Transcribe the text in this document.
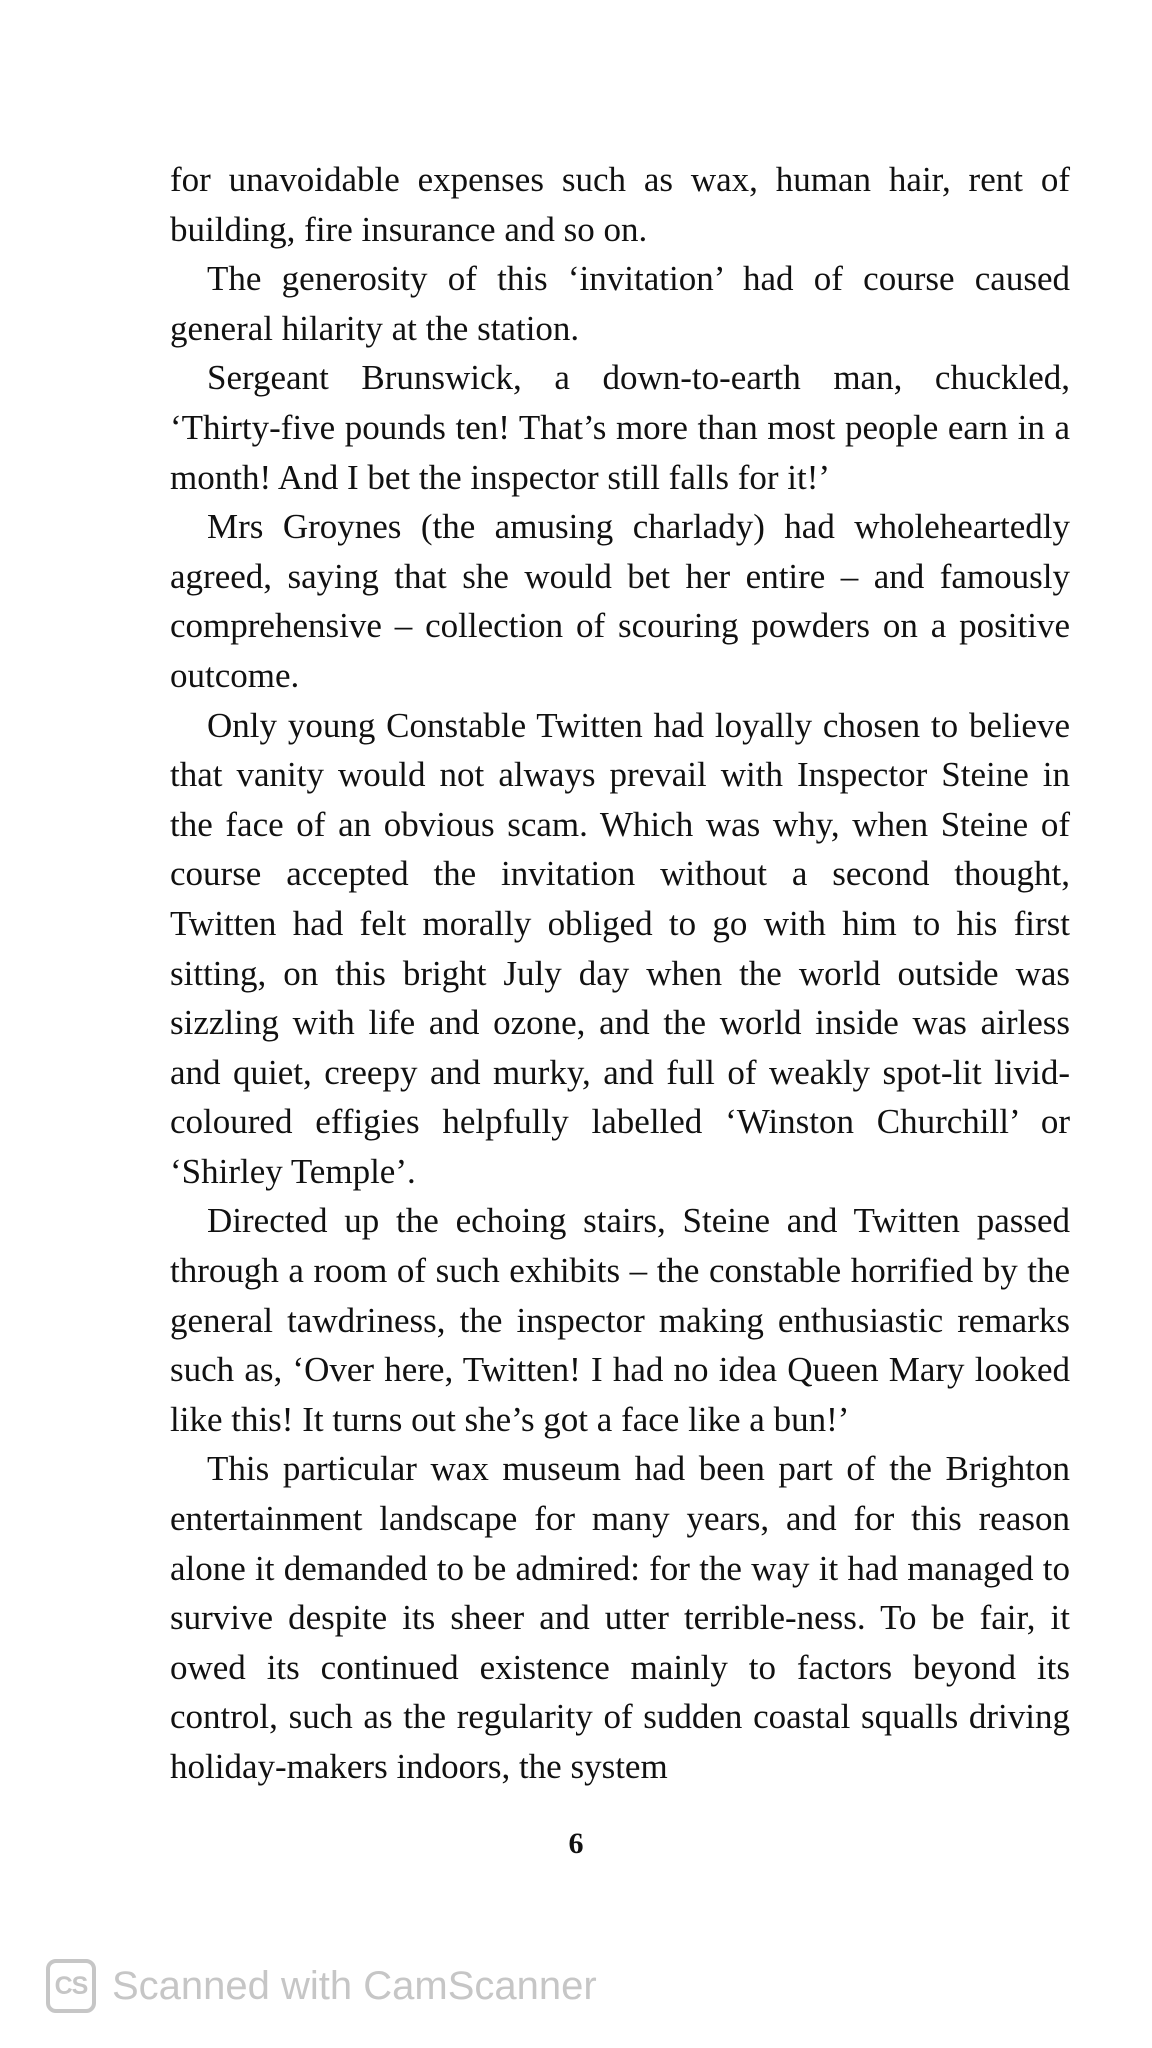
for unavoidable expenses such as wax, human hair, rent of building, fire insurance and so on.

The generosity of this ‘invitation’ had of course caused general hilarity at the station.

Sergeant Brunswick, a down-to-earth man, chuckled, ‘Thirty-five pounds ten! That’s more than most people earn in a month! And I bet the inspector still falls for it!’

Mrs Groynes (the amusing charlady) had wholeheartedly agreed, saying that she would bet her entire – and famously comprehensive – collection of scouring powders on a positive outcome.

Only young Constable Twitten had loyally chosen to believe that vanity would not always prevail with Inspector Steine in the face of an obvious scam. Which was why, when Steine of course accepted the invitation without a second thought, Twitten had felt morally obliged to go with him to his first sitting, on this bright July day when the world outside was sizzling with life and ozone, and the world inside was airless and quiet, creepy and murky, and full of weakly spot-lit livid-coloured effigies helpfully labelled ‘Winston Churchill’ or ‘Shirley Temple’.

Directed up the echoing stairs, Steine and Twitten passed through a room of such exhibits – the constable horrified by the general tawdriness, the inspector making enthusiastic remarks such as, ‘Over here, Twitten! I had no idea Queen Mary looked like this! It turns out she’s got a face like a bun!’

This particular wax museum had been part of the Brighton entertainment landscape for many years, and for this reason alone it demanded to be admired: for the way it had managed to survive despite its sheer and utter terrible-ness. To be fair, it owed its continued existence mainly to factors beyond its control, such as the regularity of sudden coastal squalls driving holiday-makers indoors, the system

6
CS Scanned with CamScanner
